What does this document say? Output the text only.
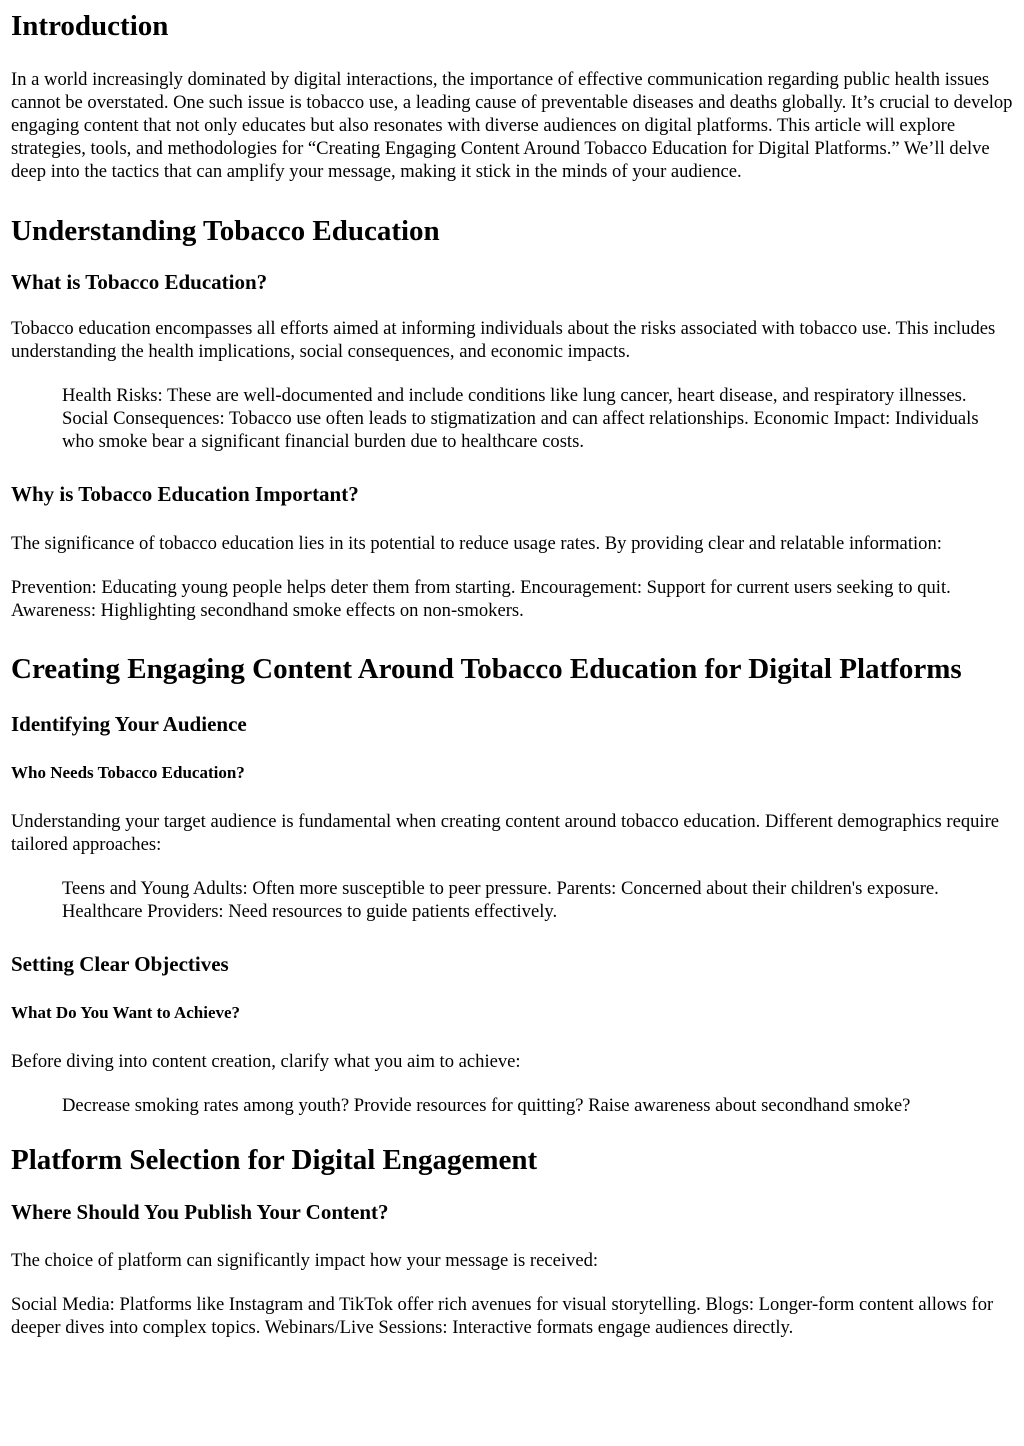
Introduction

In a world increasingly dominated by digital interactions, the importance of effective communication regarding public health issues cannot be overstated. One such issue is tobacco use, a leading cause of preventable diseases and deaths globally. It’s crucial to develop engaging content that not only educates but also resonates with diverse audiences on digital platforms. This article will explore strategies, tools, and methodologies for “Creating Engaging Content Around Tobacco Education for Digital Platforms.” We’ll delve deep into the tactics that can amplify your message, making it stick in the minds of your audience.

Understanding Tobacco Education
What is Tobacco Education?

Tobacco education encompasses all efforts aimed at informing individuals about the risks associated with tobacco use. This includes understanding the health implications, social consequences, and economic impacts.

Health Risks: These are well-documented and include conditions like lung cancer, heart disease, and respiratory illnesses. Social Consequences: Tobacco use often leads to stigmatization and can affect relationships. Economic Impact: Individuals who smoke bear a significant financial burden due to healthcare costs.
Why is Tobacco Education Important?

The significance of tobacco education lies in its potential to reduce usage rates. By providing clear and relatable information:

Prevention: Educating young people helps deter them from starting. Encouragement: Support for current users seeking to quit. Awareness: Highlighting secondhand smoke effects on non-smokers.

Creating Engaging Content Around Tobacco Education for Digital Platforms
Identifying Your Audience
Who Needs Tobacco Education?

Understanding your target audience is fundamental when creating content around tobacco education. Different demographics require tailored approaches:

Teens and Young Adults: Often more susceptible to peer pressure. Parents: Concerned about their children's exposure. Healthcare Providers: Need resources to guide patients effectively.
Setting Clear Objectives
What Do You Want to Achieve?

Before diving into content creation, clarify what you aim to achieve:

Decrease smoking rates among youth? Provide resources for quitting? Raise awareness about secondhand smoke?
Platform Selection for Digital Engagement
Where Should You Publish Your Content?

The choice of platform can significantly impact how your message is received:

Social Media: Platforms like Instagram and TikTok offer rich avenues for visual storytelling. Blogs: Longer-form content allows for deeper dives into complex topics. Webinars/Live Sessions: Interactive formats engage audiences directly.
